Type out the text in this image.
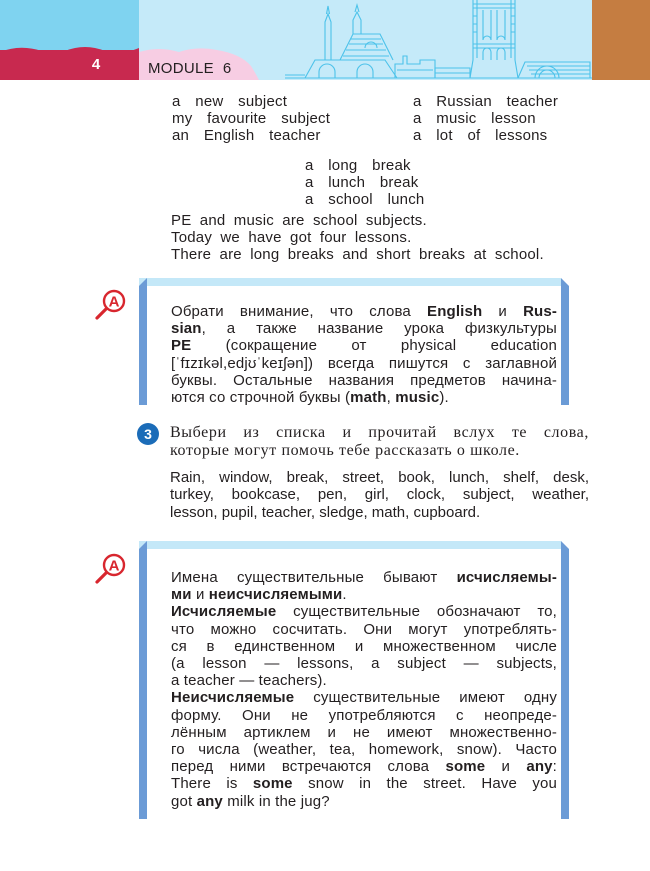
4	MODULE  6
a  new  subject
my  favourite  subject
an  English  teacher
a  Russian  teacher
a  music  lesson
a  lot  of  lessons
a  long  break
a  lunch  break
a  school  lunch
PE and music are school subjects.
Today we have got four lessons.
There are long breaks and short breaks at school.
A
Обрати внимание, что слова English и Rus-
sian, а также название урока физкультуры
PE (сокращение от physical education
[ˈfɪzɪkəl,edjʊˈkeɪʃən]) всегда пишутся с заглавной
буквы. Остальные названия предметов начина-
ются со строчной буквы (math, music).
3	Выбери из списка и прочитай вслух те слова,
которые могут помочь тебе рассказать о школе.
Rain, window, break, street, book, lunch, shelf, desk,
turkey, bookcase, pen, girl, clock, subject, weather,
lesson, pupil, teacher, sledge, math, cupboard.
A
Имена существительные бывают исчисляемы-
ми и неисчисляемыми.
Исчисляемые существительные обозначают то,
что можно сосчитать. Они могут употреблять-
ся в единственном и множественном числе
(a lesson — lessons, a subject — subjects,
a teacher — teachers).
Неисчисляемые существительные имеют одну
форму. Они не употребляются с неопреде-
лённым артиклем и не имеют множественно-
го числа (weather, tea, homework, snow). Часто
перед ними встречаются слова some и any:
There is some snow in the street. Have you
got any milk in the jug?
